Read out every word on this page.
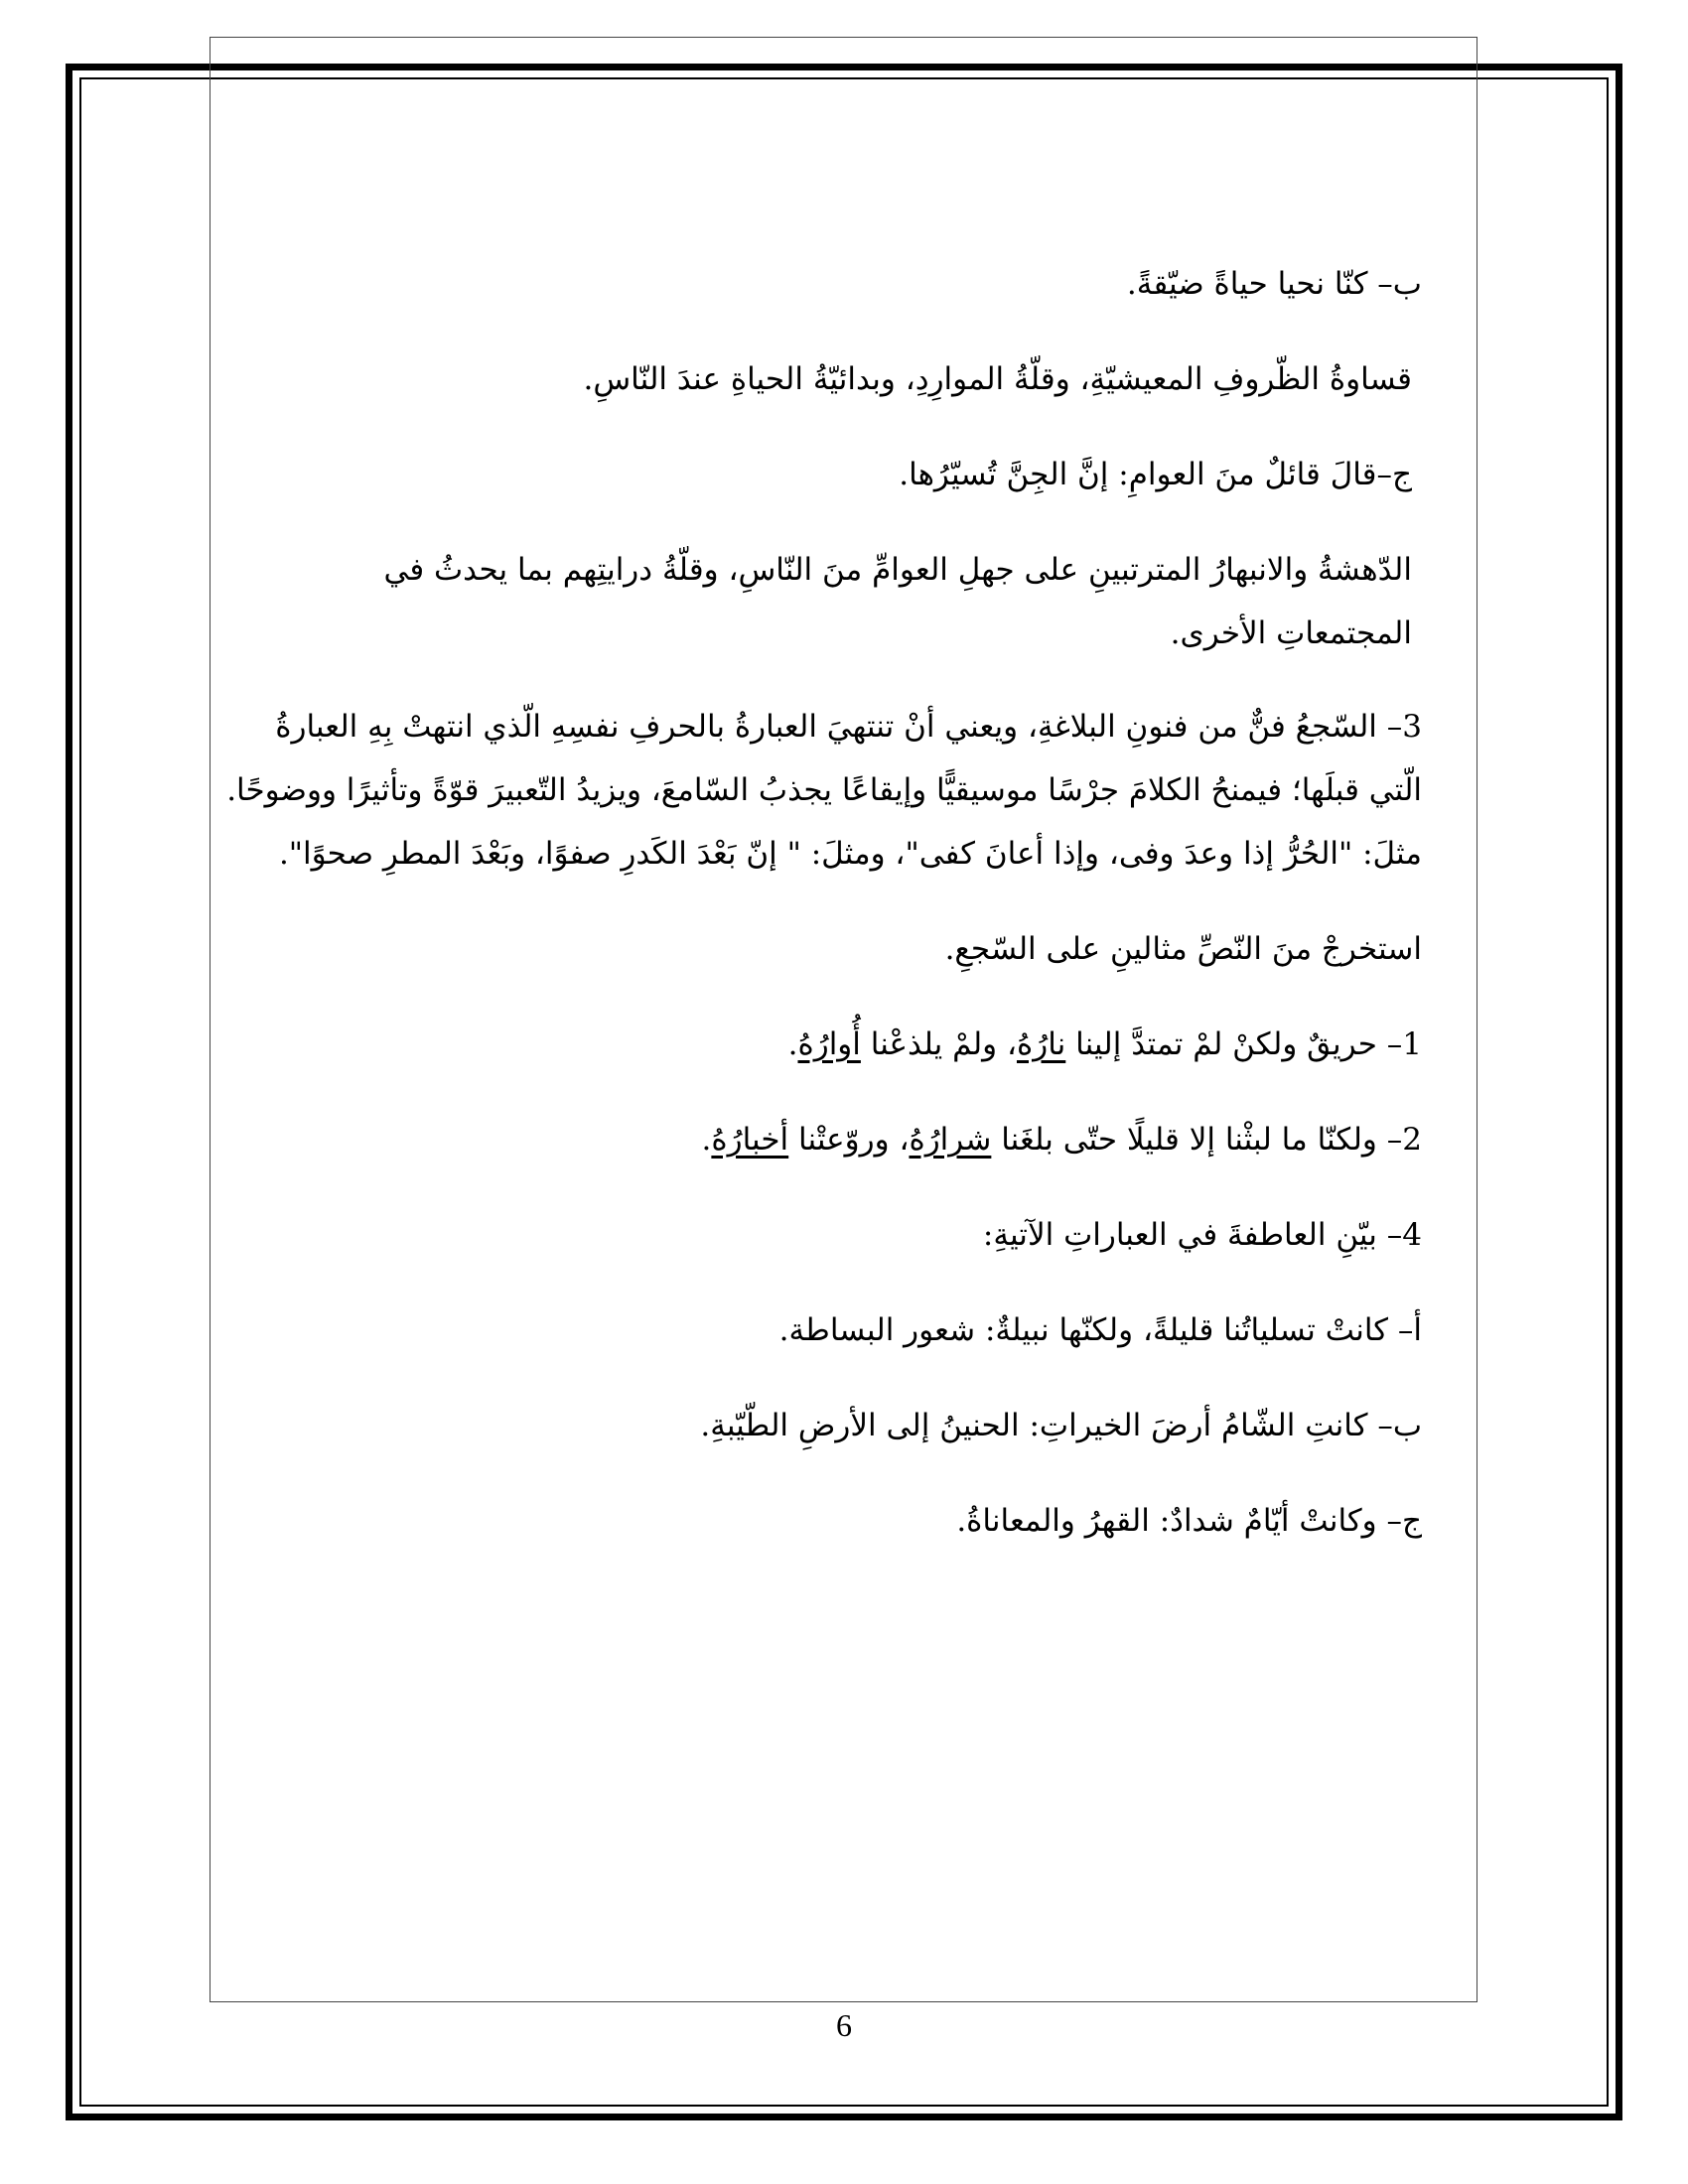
ب– كنّا نحيا حياةً ضيّقةً.

قساوةُ الظّروفِ المعيشيّةِ، وقلّةُ الموارِدِ، وبدائيّةُ الحياةِ عندَ النّاسِ.

ج–قالَ قائلٌ منَ العوامِ: إنَّ الجِنَّ تُسيّرُها.

الدّهشةُ والانبهارُ المترتبينِ على جهلِ العوامِّ منَ النّاسِ، وقلّةُ درايتِهم بما يحدثُ في

المجتمعاتِ الأخرى.

3– السّجعُ فنٌّ من فنونِ البلاغةِ، ويعني أنْ تنتهيَ العبارةُ بالحرفِ نفسِهِ الّذي انتهتْ بِهِ العبارةُ

الّتي قبلَها؛ فيمنحُ الكلامَ جرْسًا موسيقيًّا وإيقاعًا يجذبُ السّامعَ، ويزيدُ التّعبيرَ قوّةً وتأثيرًا ووضوحًا.

مثلَ: "الحُرُّ إذا وعدَ وفى، وإذا أعانَ كفى"، ومثلَ: " إنّ بَعْدَ الكَدرِ صفوًا، وبَعْدَ المطرِ صحوًا".

استخرجْ منَ النّصِّ مثالينِ على السّجعِ.

1– حريقٌ ولكنْ لمْ تمتدَّ إلينا نارُهُ، ولمْ يلذعْنا أُوارُهُ.

2– ولكنّا ما لبثْنا إلا قليلًا حتّى بلغَنا شرارُهُ، وروّعتْنا أخبارُهُ.

4– بيّنِ العاطفةَ في العباراتِ الآتيةِ:

أ– كانتْ تسلياتُنا قليلةً، ولكنّها نبيلةٌ: شعور البساطة.

ب– كانتِ الشّامُ أرضَ الخيراتِ: الحنينُ إلى الأرضِ الطّيّبةِ.

ج– وكانتْ أيّامٌ شدادٌ: القهرُ والمعاناةُ.

6
